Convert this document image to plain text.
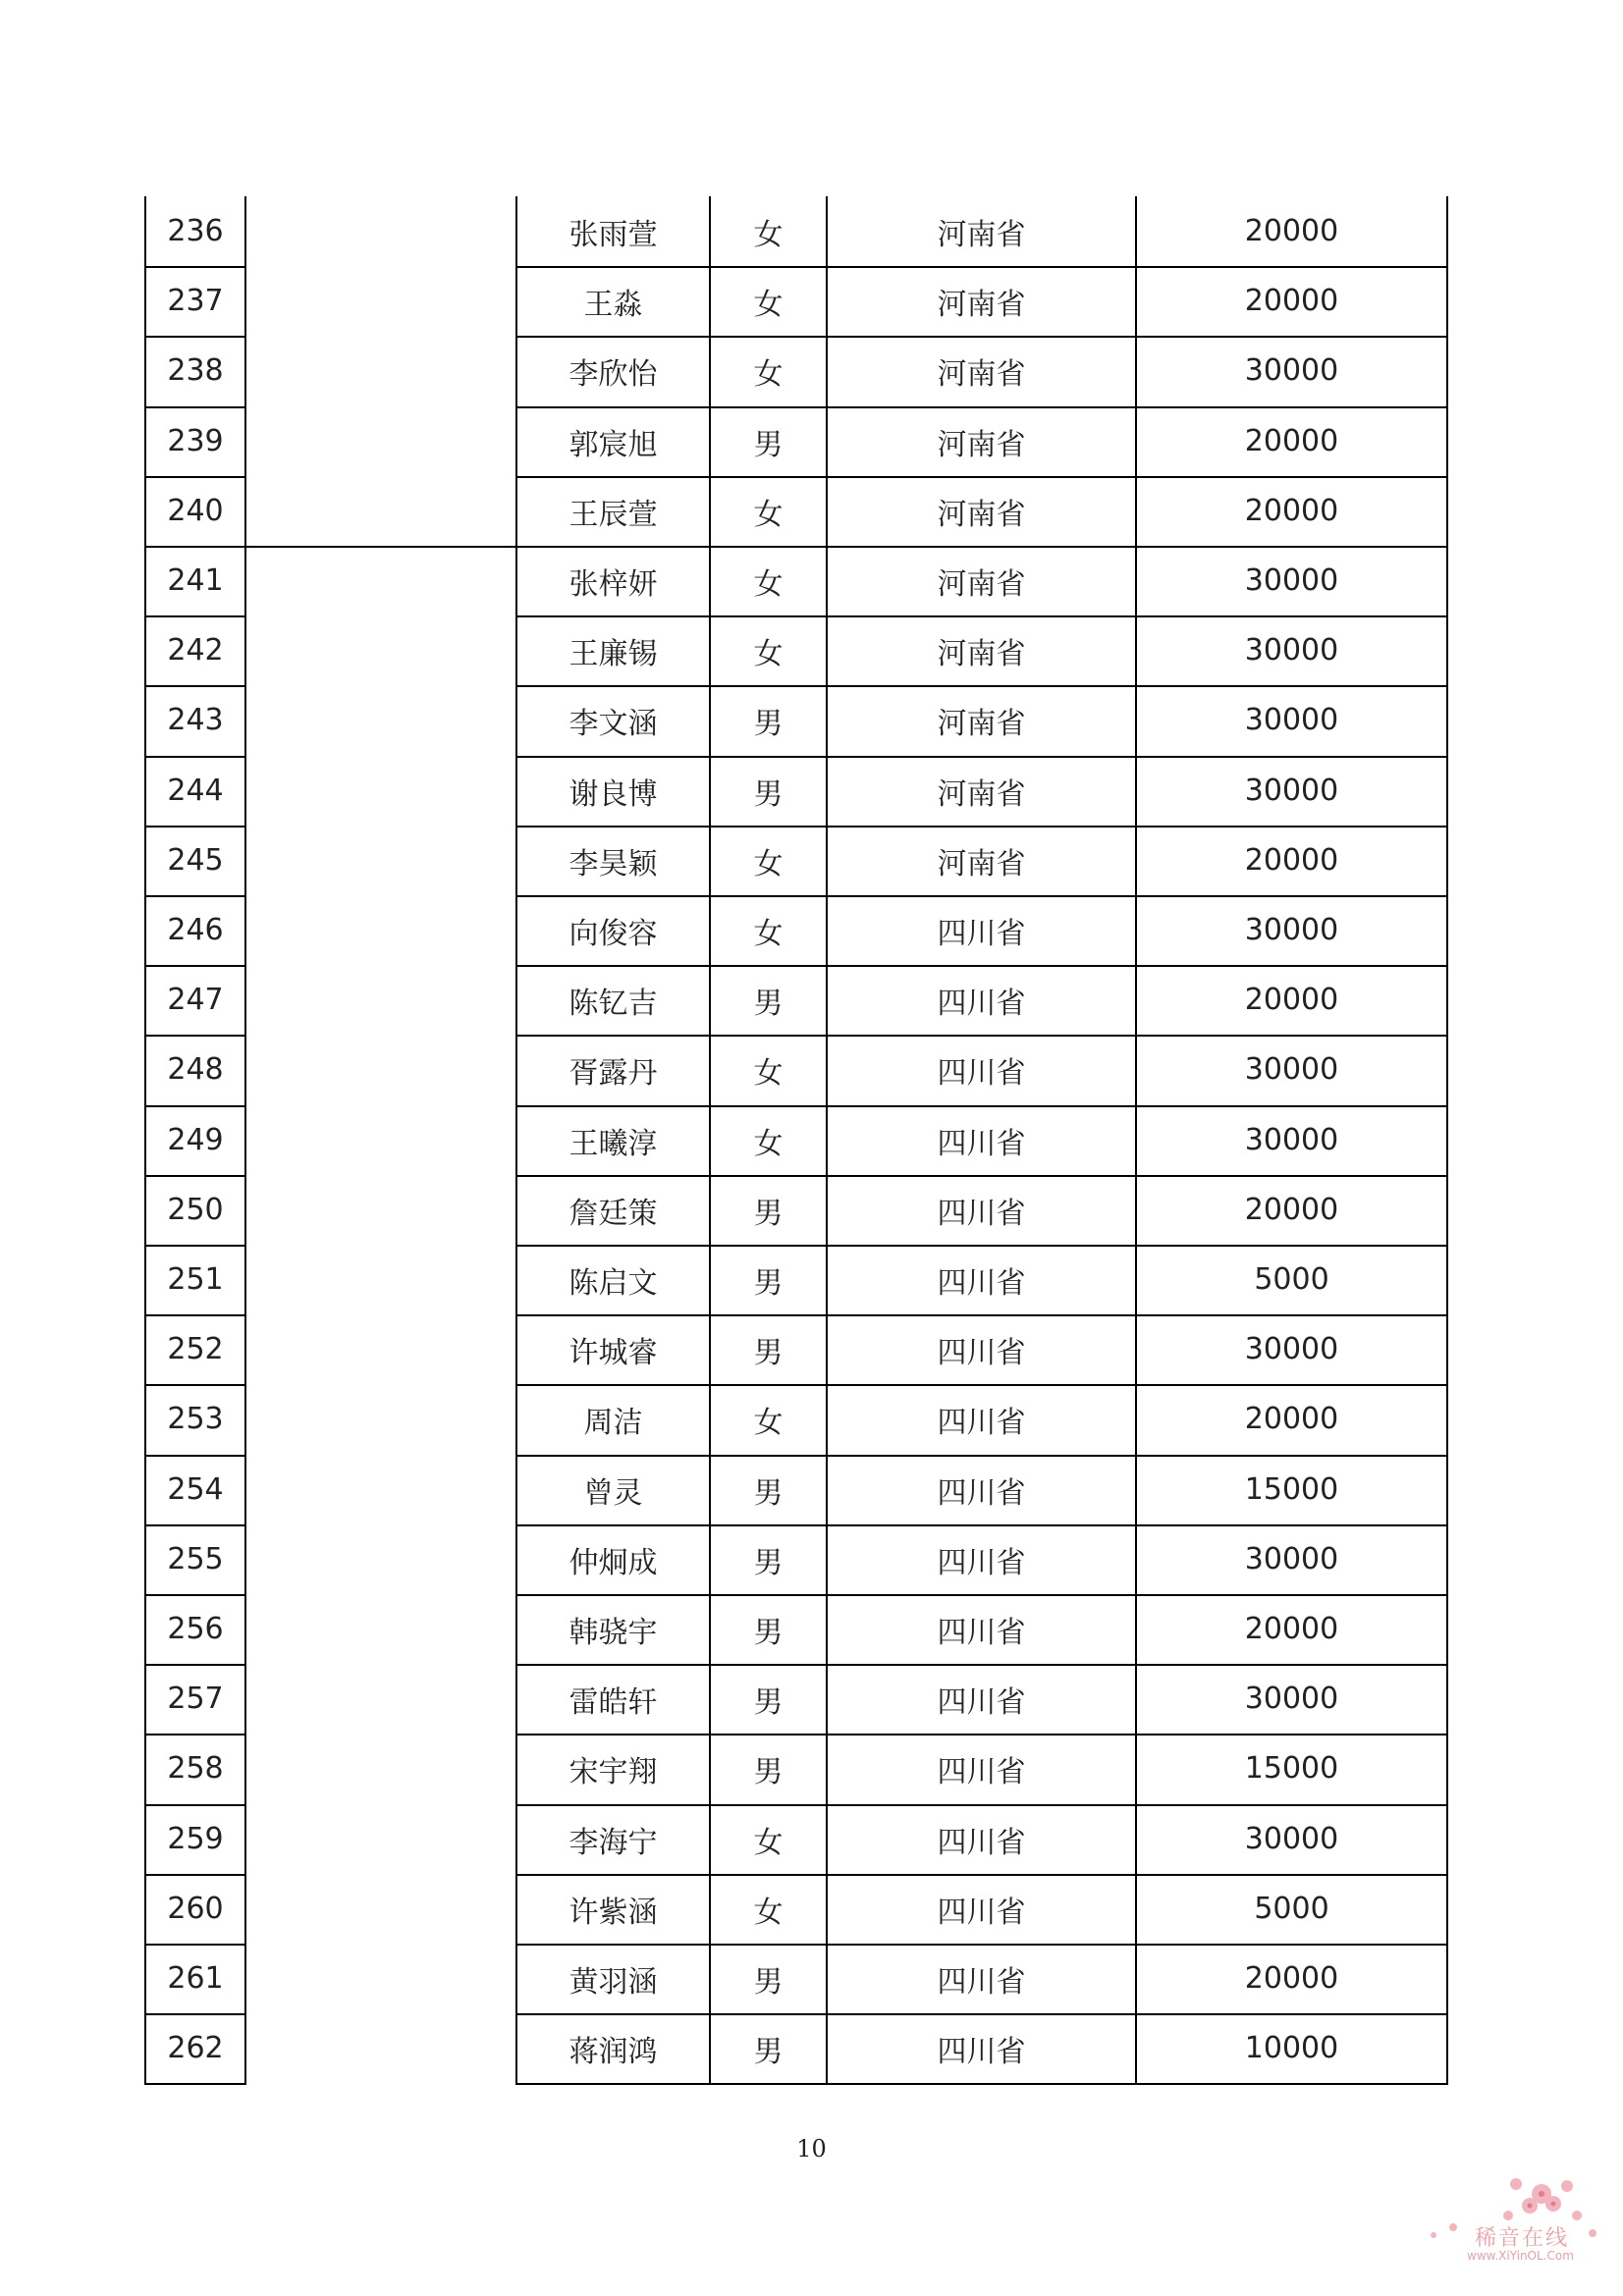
236	张雨萱	女	河南省	20000
237	王淼	女	河南省	20000
238	李欣怡	女	河南省	30000
239	郭宸旭	男	河南省	20000
240	王辰萱	女	河南省	20000
241	张梓妍	女	河南省	30000
242	王廉锡	女	河南省	30000
243	李文涵	男	河南省	30000
244	谢良博	男	河南省	30000
245	李昊颖	女	河南省	20000
246	向俊容	女	四川省	30000
247	陈钇吉	男	四川省	20000
248	胥露丹	女	四川省	30000
249	王曦淳	女	四川省	30000
250	詹廷策	男	四川省	20000
251	陈启文	男	四川省	5000
252	许城睿	男	四川省	30000
253	周洁	女	四川省	20000
254	曾灵	男	四川省	15000
255	仲炯成	男	四川省	30000
256	韩骁宇	男	四川省	20000
257	雷皓轩	男	四川省	30000
258	宋宇翔	男	四川省	15000
259	李海宁	女	四川省	30000
260	许紫涵	女	四川省	5000
261	黄羽涵	男	四川省	20000
262	蒋润鸿	男	四川省	10000
10
稀音在线
www.XiYinOL.Com
